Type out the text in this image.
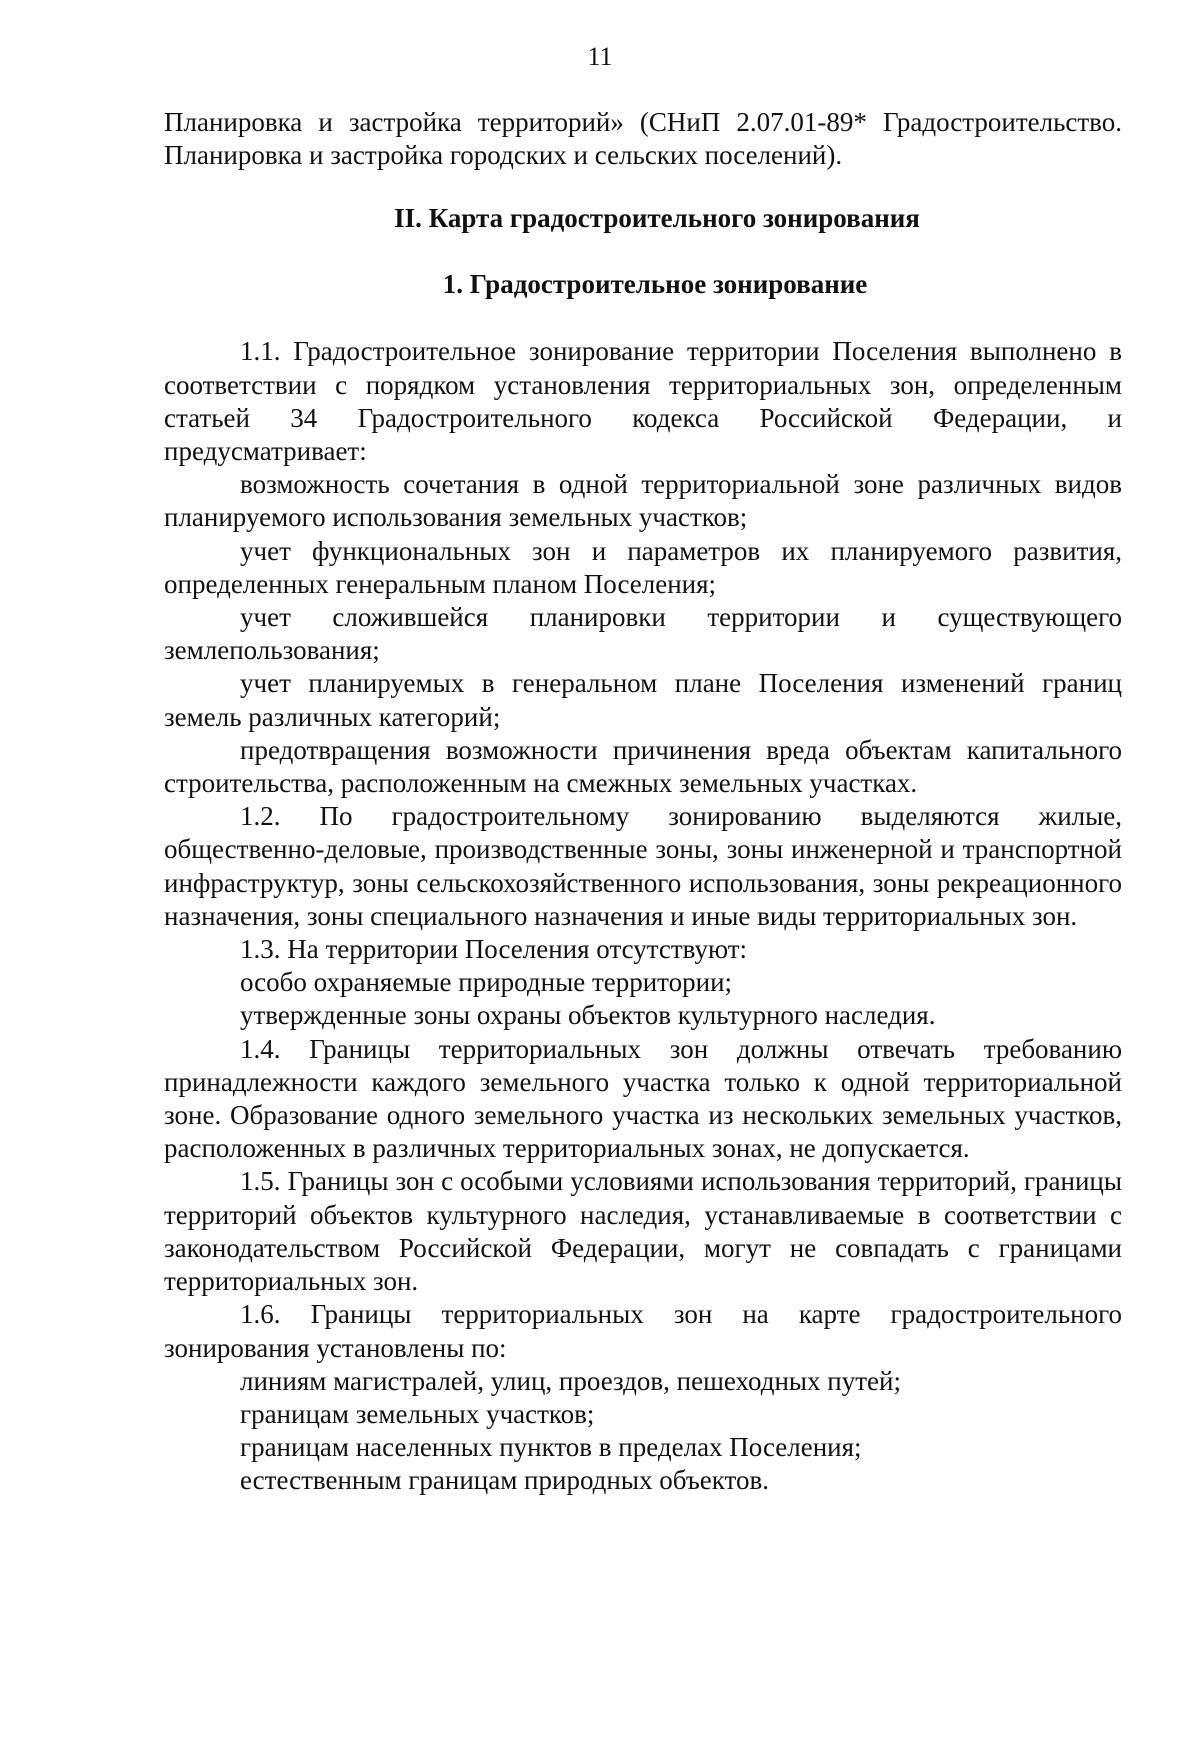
11

Планировка и застройка территорий» (СНиП 2.07.01-89* Градостроительство. Планировка и застройка городских и сельских поселений).

II. Карта градостроительного зонирования
1. Градостроительное зонирование

1.1. Градостроительное зонирование территории Поселения выполнено в соответствии с порядком установления территориальных зон, определенным статьей 34 Градостроительного кодекса Российской Федерации, и предусматривает:

возможность сочетания в одной территориальной зоне различных видов планируемого использования земельных участков;

учет функциональных зон и параметров их планируемого развития, определенных генеральным планом Поселения;

учет сложившейся планировки территории и существующего землепользования;

учет планируемых в генеральном плане Поселения изменений границ земель различных категорий;

предотвращения возможности причинения вреда объектам капитального строительства, расположенным на смежных земельных участках.

1.2. По градостроительному зонированию выделяются жилые, общественно-деловые, производственные зоны, зоны инженерной и транспортной инфраструктур, зоны сельскохозяйственного использования, зоны рекреационного назначения, зоны специального назначения и иные виды территориальных зон.

1.3. На территории Поселения отсутствуют:

особо охраняемые природные территории;

утвержденные зоны охраны объектов культурного наследия.

1.4. Границы территориальных зон должны отвечать требованию принадлежности каждого земельного участка только к одной территориальной зоне. Образование одного земельного участка из нескольких земельных участков, расположенных в различных территориальных зонах, не допускается.

1.5. Границы зон с особыми условиями использования территорий, границы территорий объектов культурного наследия, устанавливаемые в соответствии с законодательством Российской Федерации, могут не совпадать с границами территориальных зон.

1.6. Границы территориальных зон на карте градостроительного зонирования установлены по:

линиям магистралей, улиц, проездов, пешеходных путей;

границам земельных участков;

границам населенных пунктов в пределах Поселения;

естественным границам природных объектов.
